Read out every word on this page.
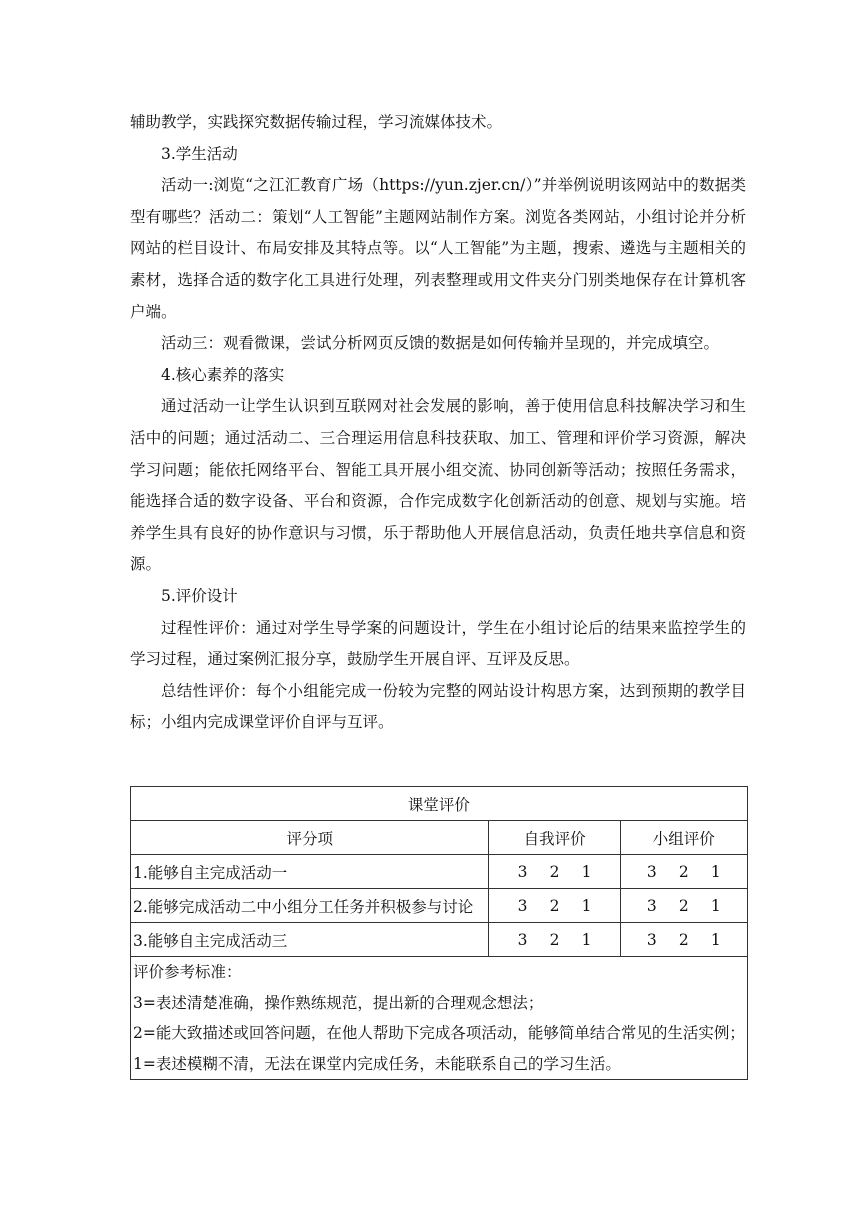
辅助教学，实践探究数据传输过程，学习流媒体技术。

3.学生活动

活动一:浏览“之江汇教育广场（https://yun.zjer.cn/）”并举例说明该网站中的数据类型有哪些？活动二：策划“人工智能”主题网站制作方案。浏览各类网站，小组讨论并分析网站的栏目设计、布局安排及其特点等。以“人工智能”为主题，搜索、遴选与主题相关的素材，选择合适的数字化工具进行处理，列表整理或用文件夹分门别类地保存在计算机客户端。

活动三：观看微课，尝试分析网页反馈的数据是如何传输并呈现的，并完成填空。

4.核心素养的落实

通过活动一让学生认识到互联网对社会发展的影响，善于使用信息科技解决学习和生活中的问题；通过活动二、三合理运用信息科技获取、加工、管理和评价学习资源，解决学习问题；能依托网络平台、智能工具开展小组交流、协同创新等活动；按照任务需求，能选择合适的数字设备、平台和资源，合作完成数字化创新活动的创意、规划与实施。培养学生具有良好的协作意识与习惯，乐于帮助他人开展信息活动，负责任地共享信息和资源。

5.评价设计

过程性评价：通过对学生导学案的问题设计，学生在小组讨论后的结果来监控学生的学习过程，通过案例汇报分享，鼓励学生开展自评、互评及反思。

总结性评价：每个小组能完成一份较为完整的网站设计构思方案，达到预期的教学目标；小组内完成课堂评价自评与互评。

课堂评价		
评分项	自我评价	小组评价
1.能够自主完成活动一	3 2 1	3 2 1
2.能够完成活动二中小组分工任务并积极参与讨论	3 2 1	3 2 1
3.能够自主完成活动三	3 2 1	3 2 1

评价参考标准：
3=表述清楚准确，操作熟练规范，提出新的合理观念想法；
2=能大致描述或回答问题，在他人帮助下完成各项活动，能够简单结合常见的生活实例；
1=表述模糊不清，无法在课堂内完成任务，未能联系自己的学习生活。		
